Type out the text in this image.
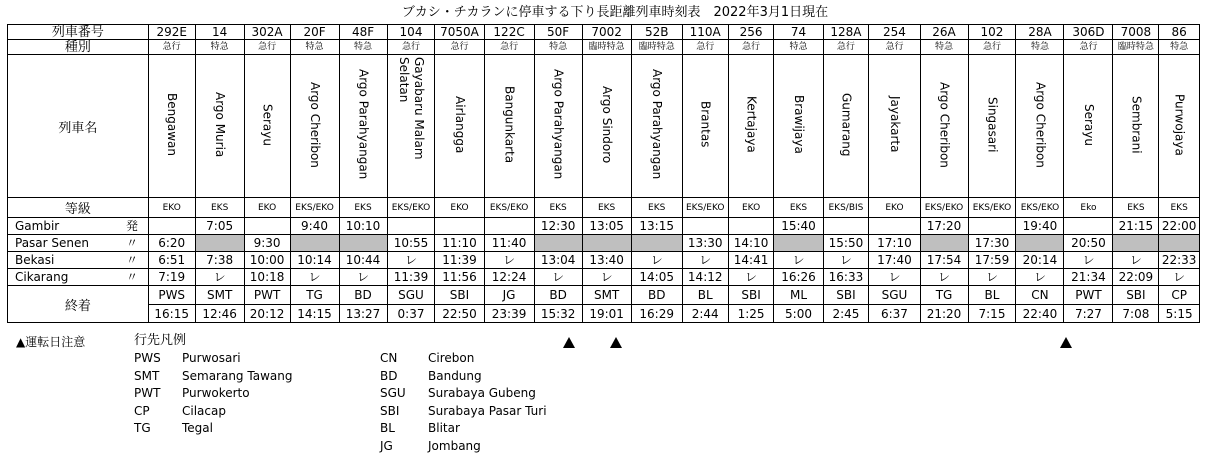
ブカシ・チカランに停車する下り長距離列車時刻表　2022年3月1日現在
列車番号		292E	14	302A	20F	48F	104	7050A	122C	50F	7002	52B	110A	256	74	128A	254	26A	102	28A	306D	7008	86
種別		急行	特急	急行	特急	特急	急行	急行	急行	特急	臨時特急	臨時特急	急行	急行	特急	急行	急行	特急	急行	特急	急行	臨時特急	特急
列車名		Bengawan	Argo Muria	Serayu	Argo Cheribon	Argo Parahyangan	Gayabaru Malam Selatan	Airlangga	Bangunkarta	Argo Parahyangan	Argo Sindoro	Argo Parahyangan	Brantas	Kertajaya	Brawijaya	Gumarang	Jayakarta	Argo Cheribon	Singasari	Argo Cheribon	Serayu	Sembrani	Purwojaya
等級		EKO	EKS	EKO	EKS/EKO	EKS	EKS/EKO	EKO	EKS/EKO	EKS	EKS	EKS	EKS/EKO	EKO	EKS	EKS/BIS	EKO	EKS/EKO	EKS/EKO	EKS/EKO	Eko	EKS	EKS
Gambir	発		7:05		9:40	10:10				12:30	13:05	13:15			15:40			17:20		19:40		21:15	22:00
Pasar Senen	〃	6:20		9:30			10:55	11:10	11:40				13:30	14:10		15:50	17:10		17:30		20:50		
Bekasi	〃	6:51	7:38	10:00	10:14	10:44	レ	11:39	レ	13:04	13:40	レ	レ	14:41	レ	レ	17:40	17:54	17:59	20:14	レ	レ	22:33
Cikarang	〃	7:19	レ	10:18	レ	レ	11:39	11:56	12:24	レ	レ	14:05	14:12	レ	16:26	16:33	レ	レ	レ	レ	21:34	22:09	レ
終着		PWS	SMT	PWT	TG	BD	SGU	SBI	JG	BD	SMT	BD	BL	SBI	ML	SBI	SGU	TG	BL	CN	PWT	SBI	CP
		16:15	12:46	20:12	14:15	13:27	0:37	22:50	23:39	15:32	19:01	16:29	2:44	1:25	5:00	2:45	6:37	21:20	7:15	22:40	7:27	7:08	5:15
▲運転日注意	行先凡例
PWS Purwosari
SMT Semarang Tawang
PWT Purwokerto
CP	Cilacap
TG	Tegal
CN	Cirebon
BD	Bandung
SGU Surabaya Gubeng
SBI Surabaya Pasar Turi
BL	Blitar
JG	Jombang
